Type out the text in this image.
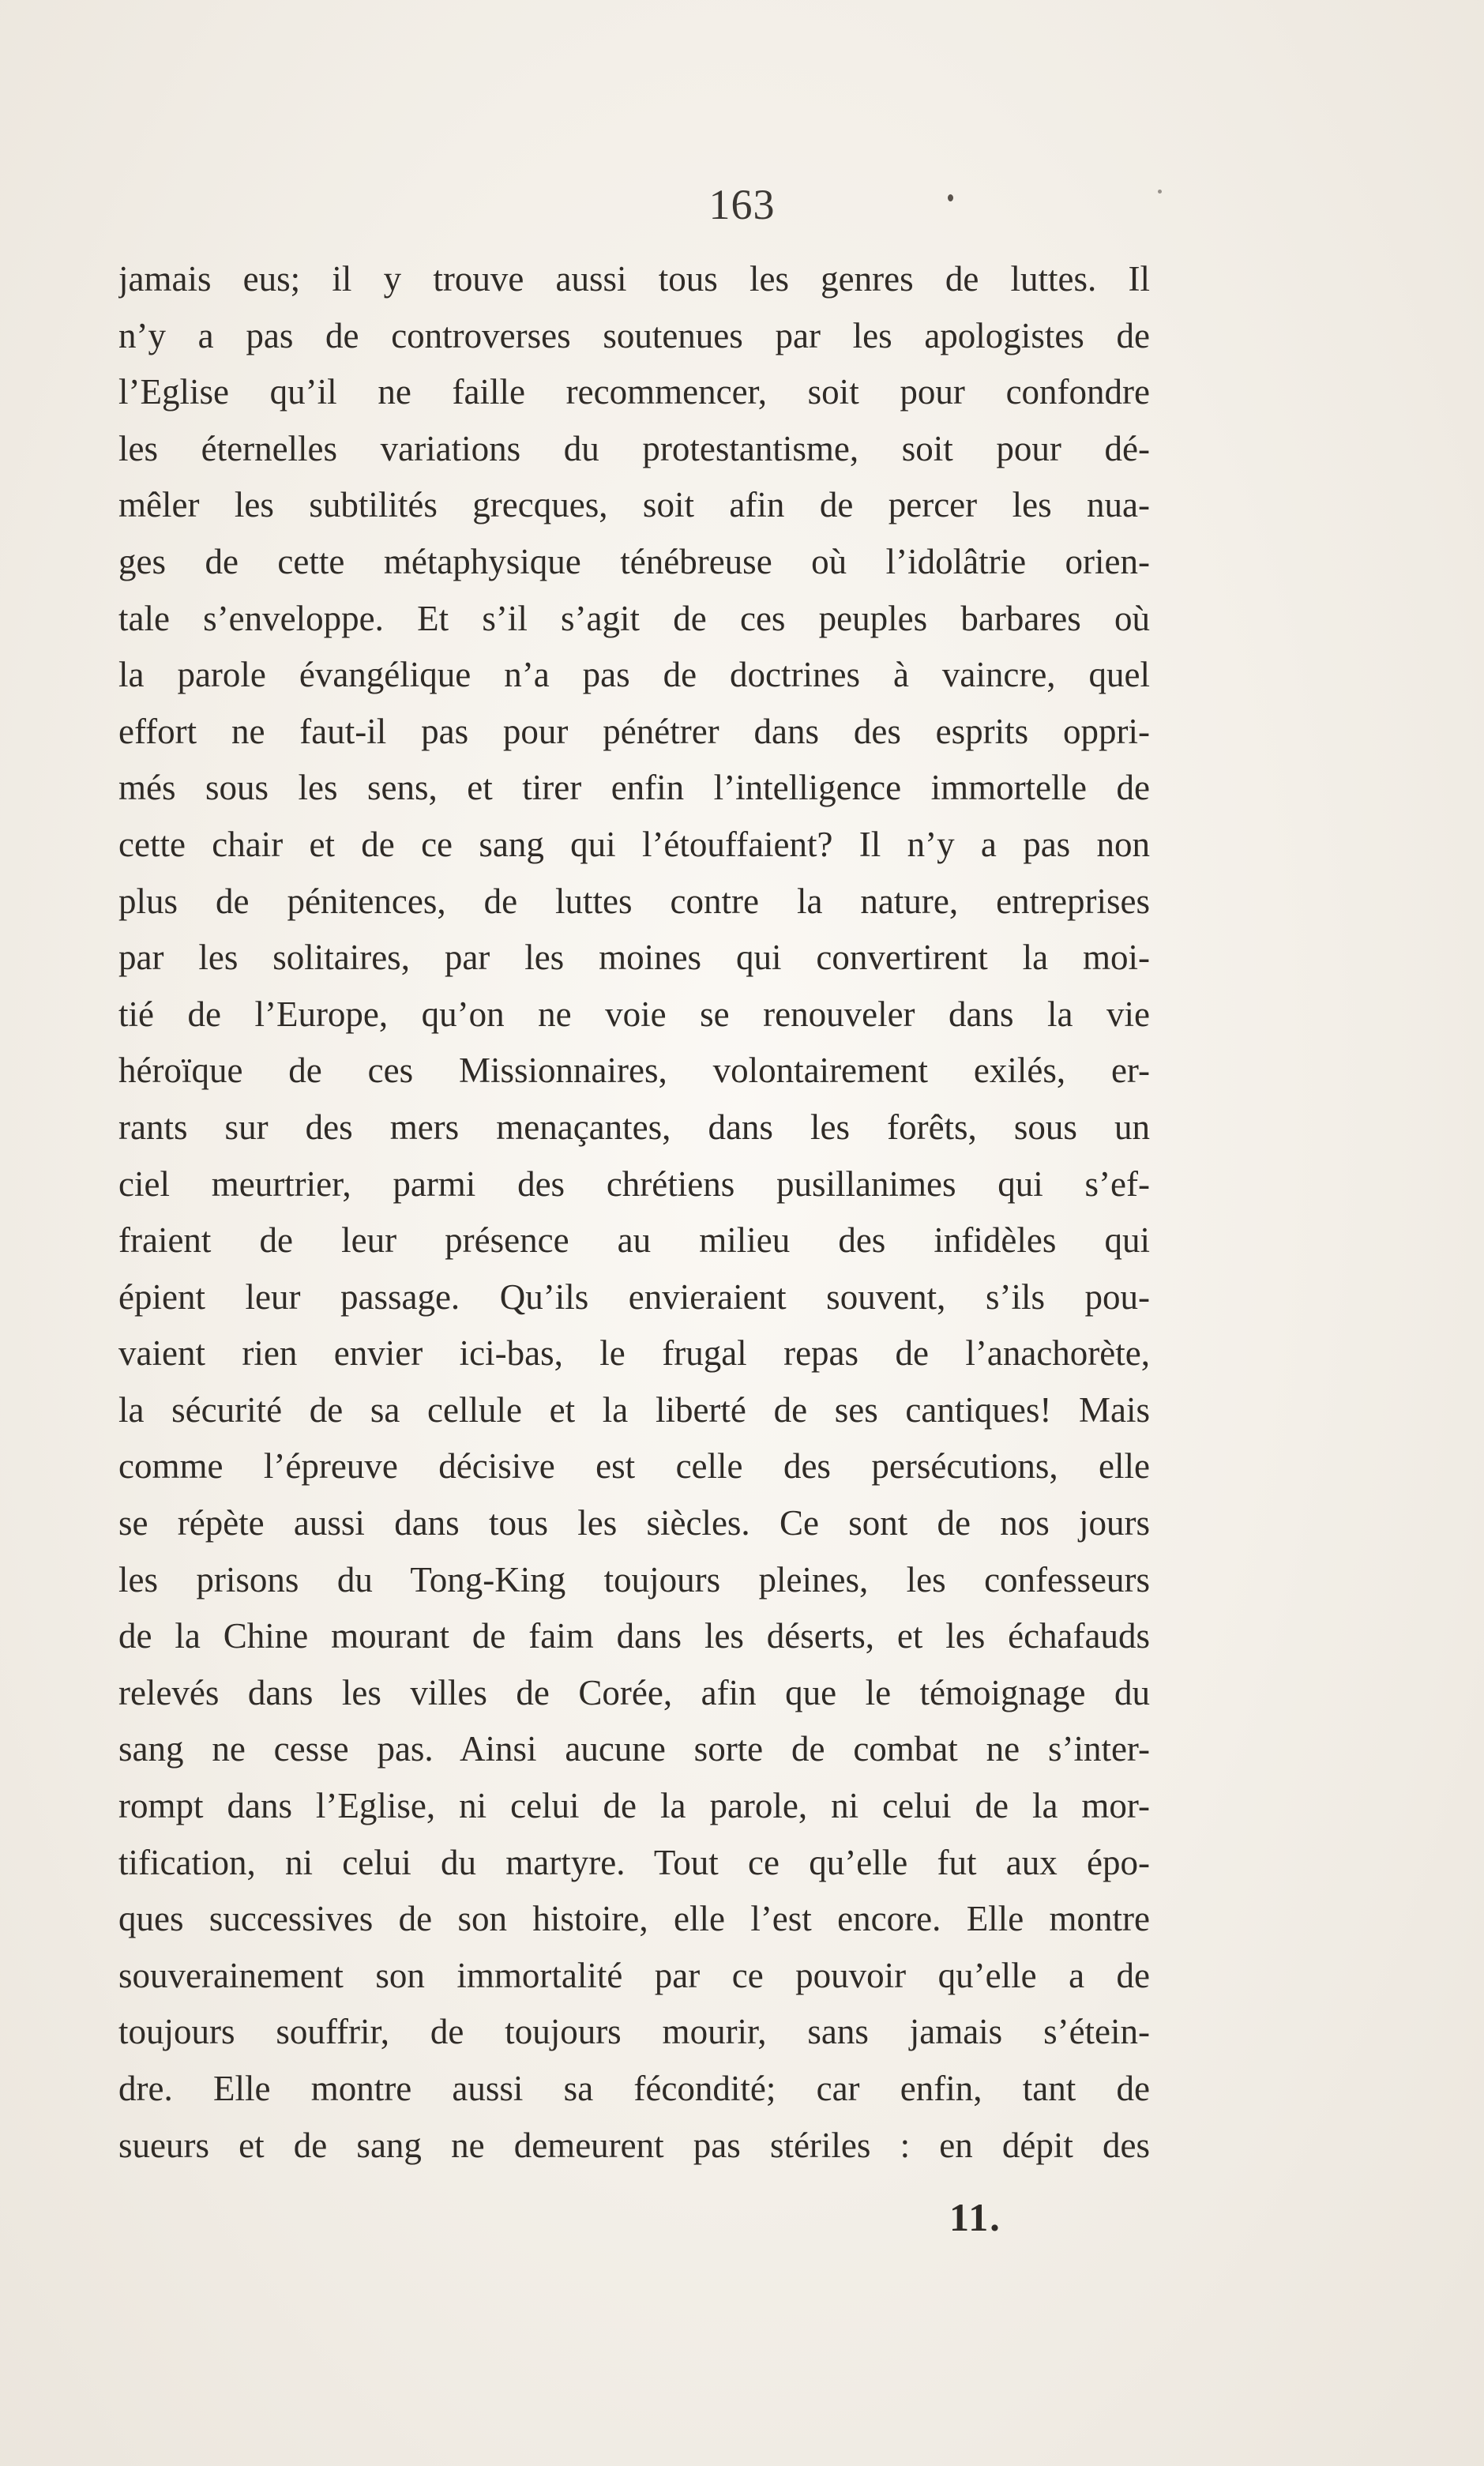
163
jamais eus; il y trouve aussi tous les genres de luttes. Il
n’y a pas de controverses soutenues par les apologistes de
l’Eglise qu’il ne faille recommencer, soit pour confondre
les éternelles variations du protestantisme, soit pour dé-
mêler les subtilités grecques, soit afin de percer les nua-
ges de cette métaphysique ténébreuse où l’idolâtrie orien-
tale s’enveloppe. Et s’il s’agit de ces peuples barbares où
la parole évangélique n’a pas de doctrines à vaincre, quel
effort ne faut-il pas pour pénétrer dans des esprits oppri-
més sous les sens, et tirer enfin l’intelligence immortelle de
cette chair et de ce sang qui l’étouffaient? Il n’y a pas non
plus de pénitences, de luttes contre la nature, entreprises
par les solitaires, par les moines qui convertirent la moi-
tié de l’Europe, qu’on ne voie se renouveler dans la vie
héroïque de ces Missionnaires, volontairement exilés, er-
rants sur des mers menaçantes, dans les forêts, sous un
ciel meurtrier, parmi des chrétiens pusillanimes qui s’ef-
fraient de leur présence au milieu des infidèles qui
épient leur passage. Qu’ils envieraient souvent, s’ils pou-
vaient rien envier ici-bas, le frugal repas de l’anachorète,
la sécurité de sa cellule et la liberté de ses cantiques! Mais
comme l’épreuve décisive est celle des persécutions, elle
se répète aussi dans tous les siècles. Ce sont de nos jours
les prisons du Tong-King toujours pleines, les confesseurs
de la Chine mourant de faim dans les déserts, et les échafauds
relevés dans les villes de Corée, afin que le témoignage du
sang ne cesse pas. Ainsi aucune sorte de combat ne s’inter-
rompt dans l’Eglise, ni celui de la parole, ni celui de la mor-
tification, ni celui du martyre. Tout ce qu’elle fut aux épo-
ques successives de son histoire, elle l’est encore. Elle montre
souverainement son immortalité par ce pouvoir qu’elle a de
toujours souffrir, de toujours mourir, sans jamais s’étein-
dre. Elle montre aussi sa fécondité; car enfin, tant de
sueurs et de sang ne demeurent pas stériles : en dépit des
11.
